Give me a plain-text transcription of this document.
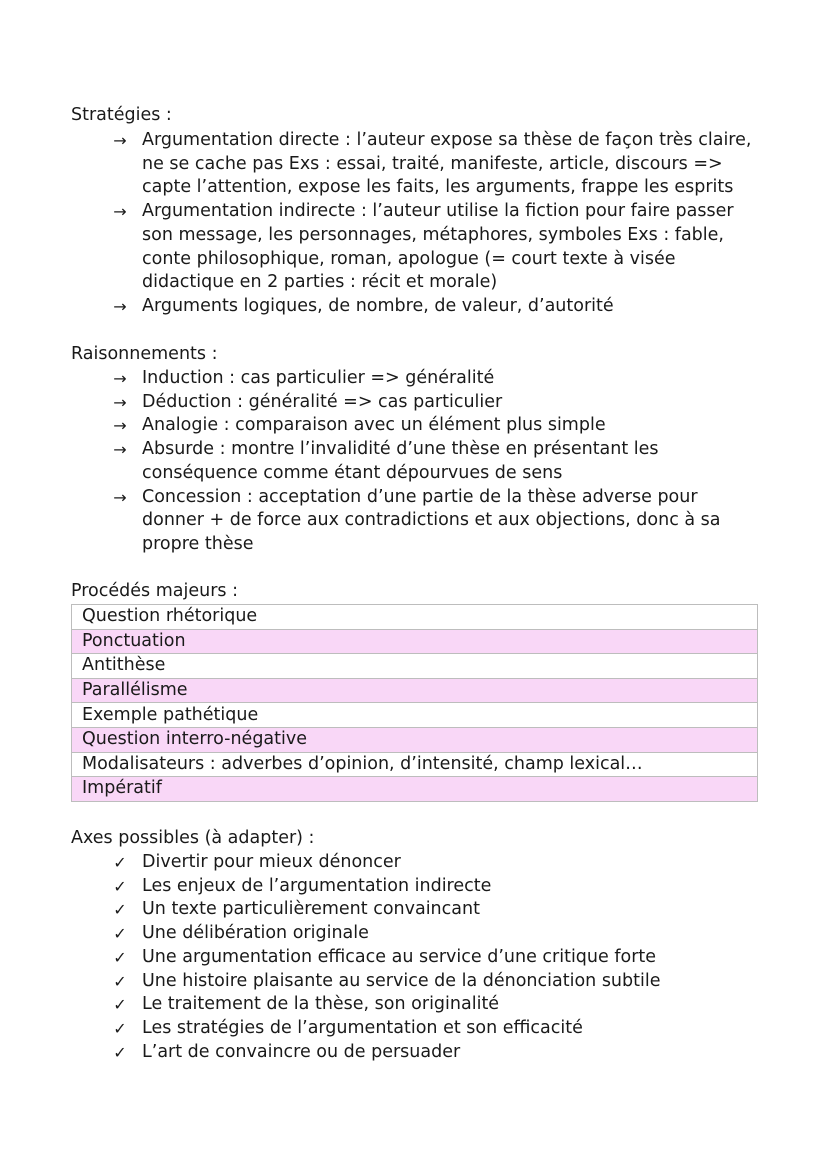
Stratégies :
→ Argumentation directe : l’auteur expose sa thèse de façon très claire,
ne se cache pas Exs : essai, traité, manifeste, article, discours =>
capte l’attention, expose les faits, les arguments, frappe les esprits
→ Argumentation indirecte : l’auteur utilise la fiction pour faire passer
son message, les personnages, métaphores, symboles Exs : fable,
conte philosophique, roman, apologue (= court texte à visée
didactique en 2 parties : récit et morale)
→ Arguments logiques, de nombre, de valeur, d’autorité
Raisonnements :
→ Induction : cas particulier => généralité
→ Déduction : généralité => cas particulier
→ Analogie : comparaison avec un élément plus simple
→ Absurde : montre l’invalidité d’une thèse en présentant les
conséquence comme étant dépourvues de sens
→ Concession : acceptation d’une partie de la thèse adverse pour
donner + de force aux contradictions et aux objections, donc à sa
propre thèse
Procédés majeurs :
Question rhétorique
Ponctuation
Antithèse
Parallélisme
Exemple pathétique
Question interro-négative
Modalisateurs : adverbes d’opinion, d’intensité, champ lexical…
Impératif
Axes possibles (à adapter) :
✓ Divertir pour mieux dénoncer
✓ Les enjeux de l’argumentation indirecte
✓ Un texte particulièrement convaincant
✓ Une délibération originale
✓ Une argumentation efficace au service d’une critique forte
✓ Une histoire plaisante au service de la dénonciation subtile
✓ Le traitement de la thèse, son originalité
✓ Les stratégies de l’argumentation et son efficacité
✓ L’art de convaincre ou de persuader
